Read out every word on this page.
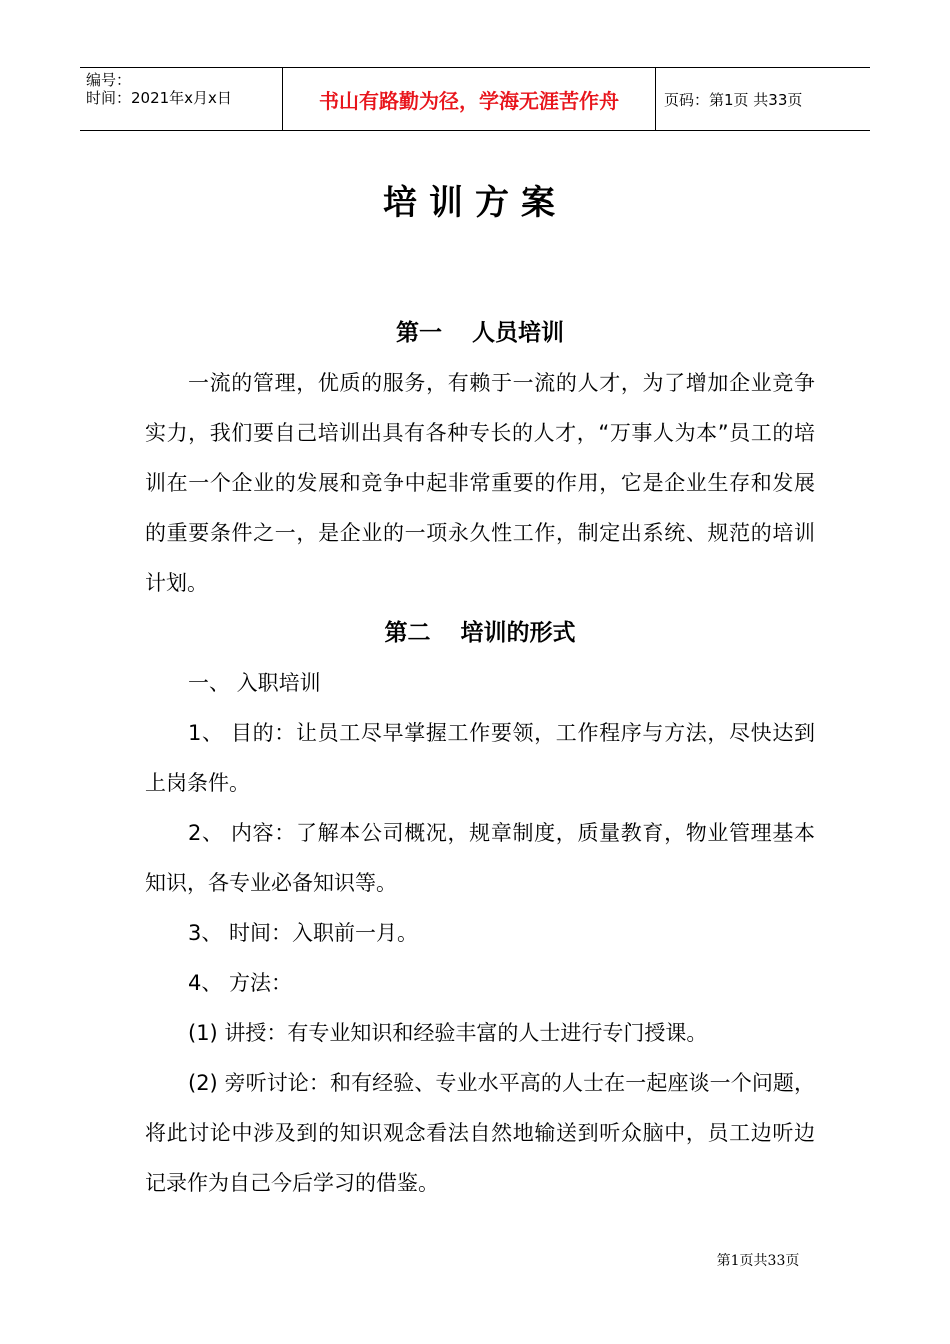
编号：
时间：2021年x月x日	书山有路勤为径，学海无涯苦作舟	页码：第1页 共33页
培训方案
第一 人员培训
一流的管理，优质的服务，有赖于一流的人才，为了增加企业竞争实力，我们要自己培训出具有各种专长的人才，“万事人为本”员工的培训在一个企业的发展和竞争中起非常重要的作用，它是企业生存和发展的重要条件之一，是企业的一项永久性工作，制定出系统、规范的培训计划。
第二 培训的形式
一、 入职培训
1、 目的：让员工尽早掌握工作要领，工作程序与方法，尽快达到上岗条件。
2、 内容：了解本公司概况，规章制度，质量教育，物业管理基本知识，各专业必备知识等。
3、 时间：入职前一月。
4、 方法：
(1) 讲授：有专业知识和经验丰富的人士进行专门授课。
(2) 旁听讨论：和有经验、专业水平高的人士在一起座谈一个问题，将此讨论中涉及到的知识观念看法自然地输送到听众脑中，员工边听边记录作为自己今后学习的借鉴。
第1页共33页
